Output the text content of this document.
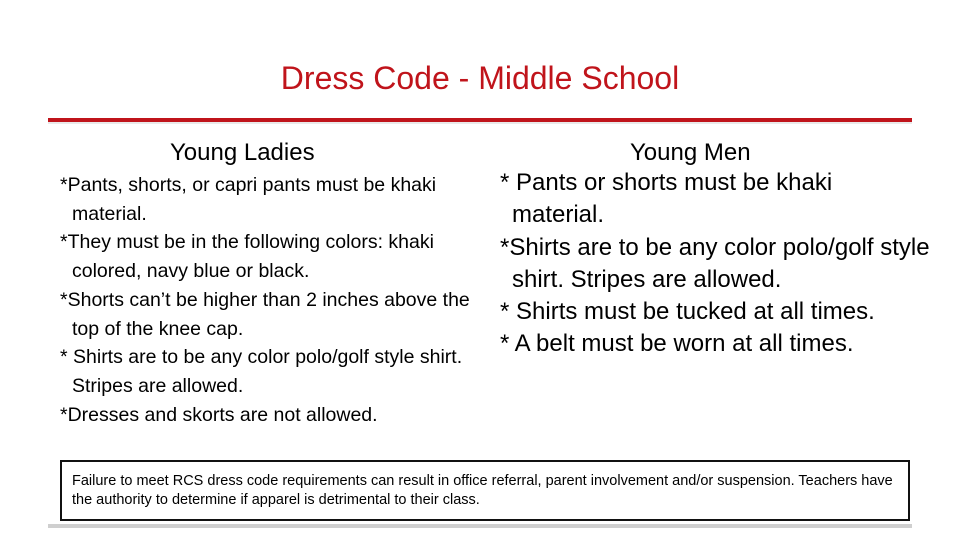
Dress Code - Middle School
Young Ladies
*Pants, shorts, or capri pants must be khaki material.
*They must be in the following colors: khaki colored, navy blue or black.
*Shorts can’t be higher than 2 inches above the top of the knee cap.
* Shirts are to be any color polo/golf style shirt. Stripes are allowed.
*Dresses and skorts are not allowed.
Young Men
* Pants or shorts must be khaki material.
*Shirts are to be any color polo/golf style shirt. Stripes are allowed.
* Shirts must be tucked at all times.
* A belt must be worn at all times.
Failure to meet RCS dress code requirements can result in office referral, parent involvement and/or suspension. Teachers have the authority to determine if apparel is detrimental to their class.
